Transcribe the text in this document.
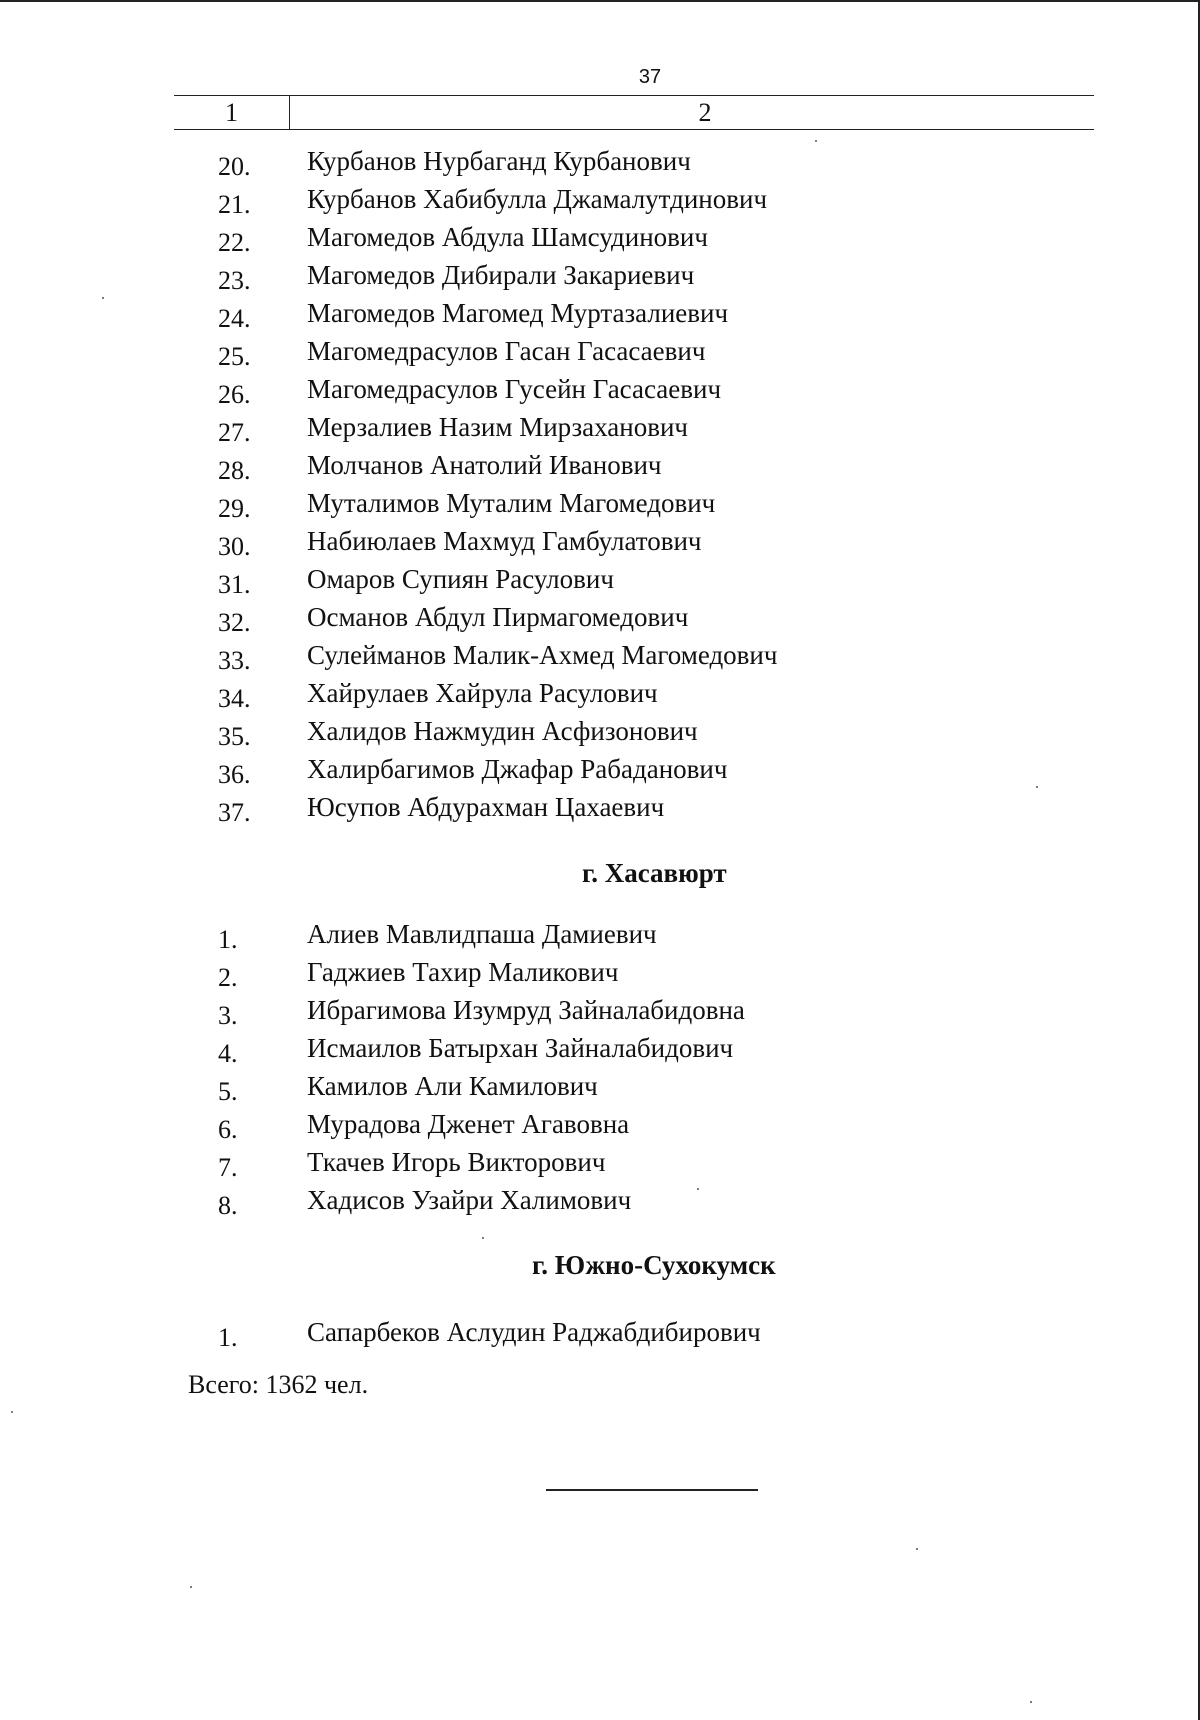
37
1	2
20.	Курбанов Нурбаганд Курбанович
21.	Курбанов Хабибулла Джамалутдинович
22.	Магомедов Абдула Шамсудинович
23.	Магомедов Дибирали Закариевич
24.	Магомедов Магомед Муртазалиевич
25.	Магомедрасулов Гасан Гасасаевич
26.	Магомедрасулов Гусейн Гасасаевич
27.	Мерзалиев Назим Мирзаханович
28.	Молчанов Анатолий Иванович
29.	Муталимов Муталим Магомедович
30.	Набиюлаев Махмуд Гамбулатович
31.	Омаров Супиян Расулович
32.	Османов Абдул Пирмагомедович
33.	Сулейманов Малик-Ахмед Магомедович
34.	Хайрулаев Хайрула Расулович
35.	Халидов Нажмудин Асфизонович
36.	Халирбагимов Джафар Рабаданович
37.	Юсупов Абдурахман Цахаевич
г. Хасавюрт
1.	Алиев Мавлидпаша Дамиевич
2.	Гаджиев Тахир Маликович
3.	Ибрагимова Изумруд Зайналабидовна
4.	Исмаилов Батырхан Зайналабидович
5.	Камилов Али Камилович
6.	Мурадова Дженет Агавовна
7.	Ткачев Игорь Викторович
8.	Хадисов Узайри Халимович
г. Южно-Сухокумск
1.	Сапарбеков Аслудин Раджабдибирович
Всего: 1362 чел.
